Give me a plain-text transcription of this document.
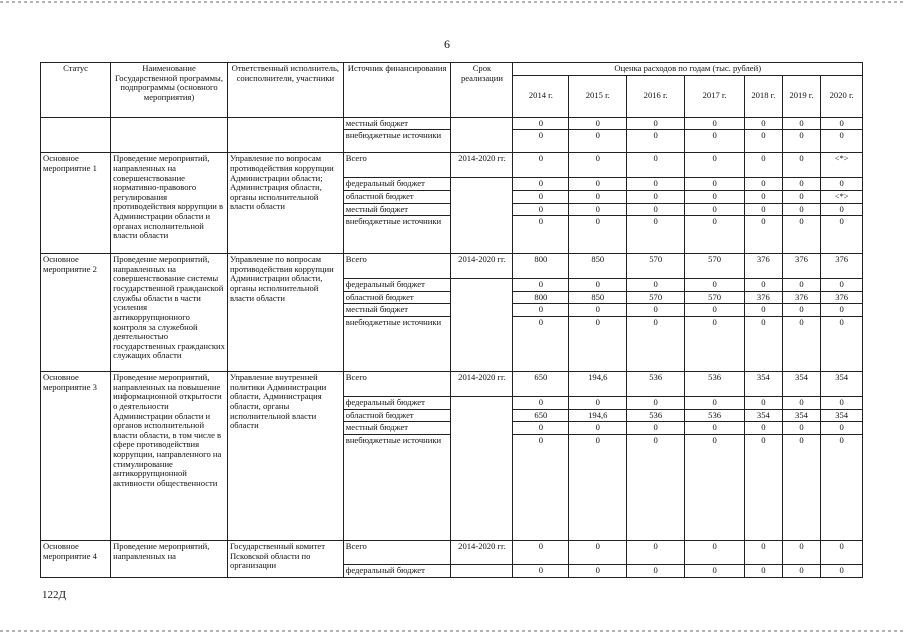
6
Статус	Наименование Государственной программы, подпрограммы (основного мероприятия)	Ответственный исполнитель, соисполнители, участники	Источник финансирования	Срок реализации	Оценка расходов по годам (тыс. рублей)						
					2014 г.	2015 г.	2016 г.	2017 г.	2018 г.	2019 г.	2020 г.
			местный бюджет		0	0	0	0	0	0	0
			внебюджетные источники		0	0	0	0	0	0	0
Основное мероприятие 1	Проведение мероприятий, направленных на совершенствование нормативно-правового регулирования противодействия коррупции в Администрации области и органах исполнительной власти области	Управление по вопросам противодействия коррупции Администрации области; Администрация области, органы исполнительной власти области	Всего	2014-2020 гг.	0	0	0	0	0	0	<*>
			федеральный бюджет		0	0	0	0	0	0	0
			областной бюджет		0	0	0	0	0	0	<*>
			местный бюджет		0	0	0	0	0	0	0
			внебюджетные источники		0	0	0	0	0	0	0
Основное мероприятие 2	Проведение мероприятий, направленных на совершенствование системы государственной гражданской службы области в части усиления антикоррупционного контроля за служебной деятельностью государственных гражданских служащих области	Управление по вопросам противодействия коррупции Администрации области, органы исполнительной власти области	Всего	2014-2020 гг.	800	850	570	570	376	376	376
			федеральный бюджет		0	0	0	0	0	0	0
			областной бюджет		800	850	570	570	376	376	376
			местный бюджет		0	0	0	0	0	0	0
			внебюджетные источники		0	0	0	0	0	0	0
Основное мероприятие 3	Проведение мероприятий, направленных на повышение информационной открытости о деятельности Администрации области и органов исполнительной власти области, в том числе в сфере противодействия коррупции, направленного на стимулирование антикоррупционной активности общественности	Управление внутренней политики Администрации области, Администрация области, органы исполнительной власти области	Всего	2014-2020 гг.	650	194,6	536	536	354	354	354
			федеральный бюджет		0	0	0	0	0	0	0
			областной бюджет		650	194,6	536	536	354	354	354
			местный бюджет		0	0	0	0	0	0	0
			внебюджетные источники		0	0	0	0	0	0	0
Основное мероприятие 4	Проведение мероприятий, направленных на	Государственный комитет Псковской области по организации	Всего	2014-2020 гг.	0	0	0	0	0	0	0
			федеральный бюджет		0	0	0	0	0	0	0
122Д
